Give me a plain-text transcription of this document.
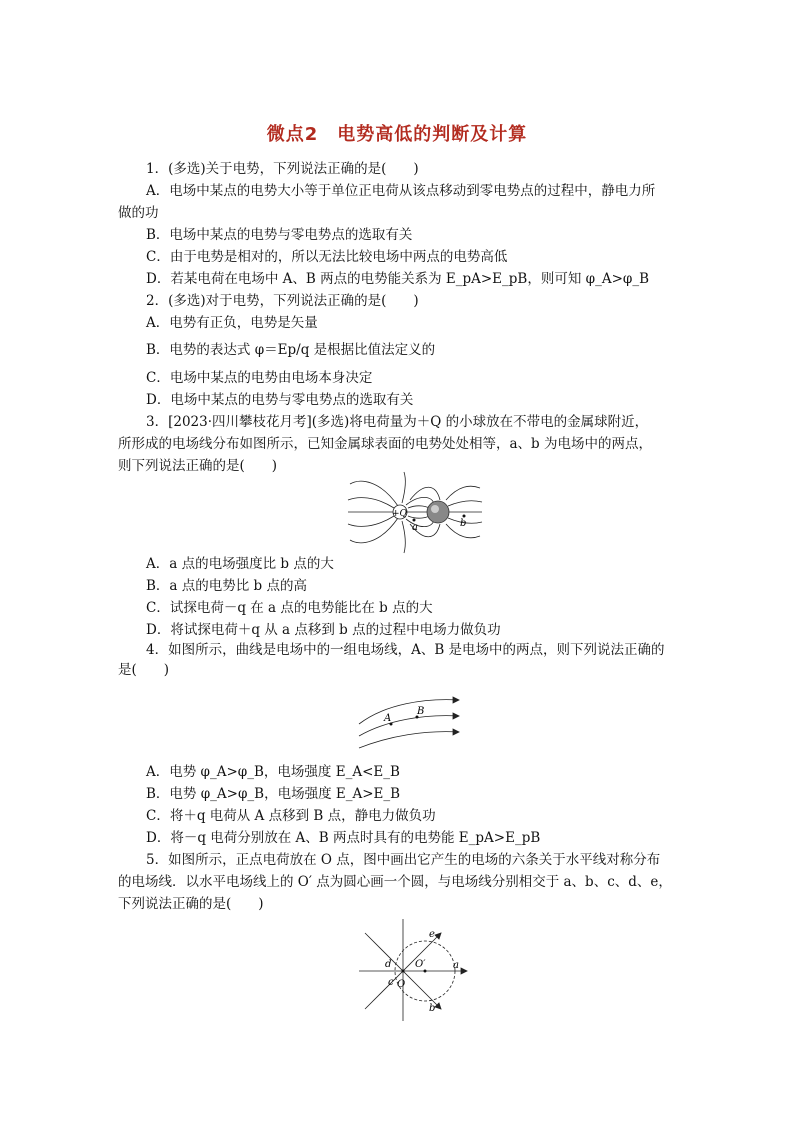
微点2　电势高低的判断及计算
1．(多选)关于电势，下列说法正确的是(　　)
A．电场中某点的电势大小等于单位正电荷从该点移动到零电势点的过程中，静电力所
做的功
B．电场中某点的电势与零电势点的选取有关
C．由于电势是相对的，所以无法比较电场中两点的电势高低
D．若某电荷在电场中 A、B 两点的电势能关系为 E_pA>E_pB，则可知 φ_A>φ_B
2．(多选)对于电势，下列说法正确的是(　　)
A．电势有正负，电势是矢量
B．电势的表达式 φ＝Ep/q 是根据比值法定义的
C．电场中某点的电势由电场本身决定
D．电场中某点的电势与零电势点的选取有关
3．[2023·四川攀枝花月考](多选)将电荷量为＋Q 的小球放在不带电的金属球附近，
所形成的电场线分布如图所示，已知金属球表面的电势处处相等，a、b 为电场中的两点，
则下列说法正确的是(　　)
+Q
a	b
A．a 点的电场强度比 b 点的大
B．a 点的电势比 b 点的高
C．试探电荷－q 在 a 点的电势能比在 b 点的大
D．将试探电荷＋q 从 a 点移到 b 点的过程中电场力做负功
4．如图所示，曲线是电场中的一组电场线，A、B 是电场中的两点，则下列说法正确的
是(　　)
A
B
A．电势 φ_A>φ_B，电场强度 E_A<E_B
B．电势 φ_A>φ_B，电场强度 E_A>E_B
C．将＋q 电荷从 A 点移到 B 点，静电力做负功
D．将－q 电荷分别放在 A、B 两点时具有的电势能 E_pA>E_pB
5．如图所示，正点电荷放在 O 点，图中画出它产生的电场的六条关于水平线对称分布
的电场线．以水平电场线上的 O′ 点为圆心画一个圆，与电场线分别相交于 a、b、c、d、e，
下列说法正确的是(　　)
O
O′	a
b
c
d
e
